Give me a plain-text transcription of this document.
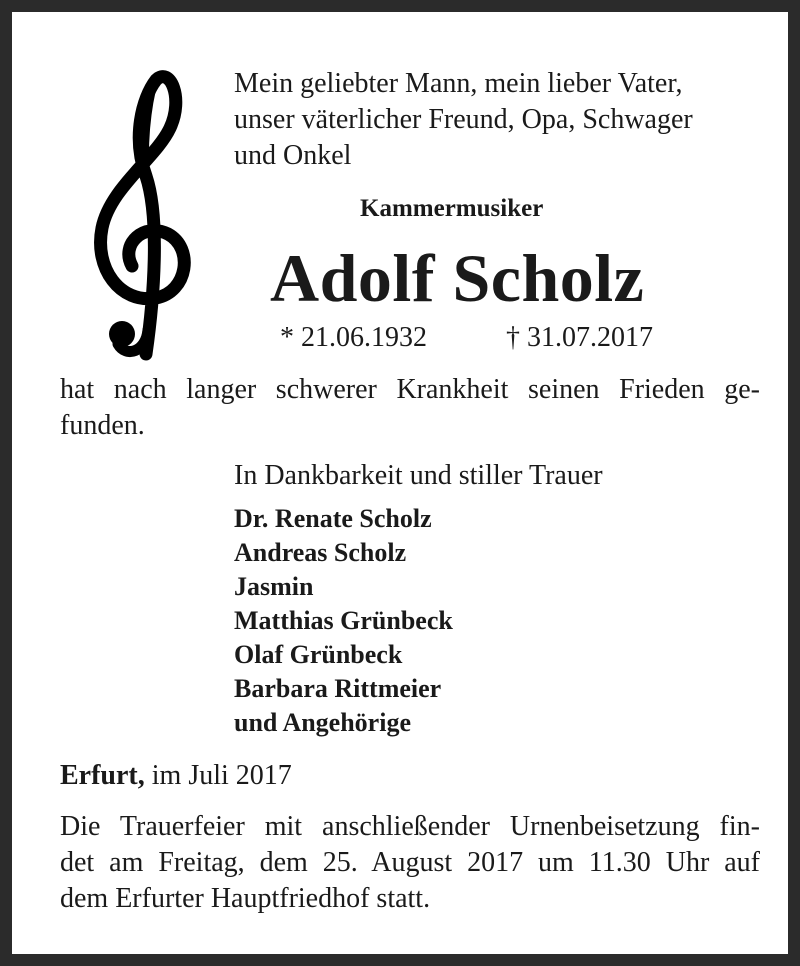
Mein geliebter Mann, mein lieber Vater,
unser väterlicher Freund, Opa, Schwager
und Onkel

Kammermusiker

Adolf Scholz

* 21.06.1932	† 31.07.2017

hat nach langer schwerer Krankheit seinen Frieden ge-
funden.

In Dankbarkeit und stiller Trauer

Dr. Renate Scholz
Andreas Scholz
Jasmin
Matthias Grünbeck
Olaf Grünbeck
Barbara Rittmeier
und Angehörige

Erfurt, im Juli 2017

Die Trauerfeier mit anschließender Urnenbeisetzung fin-
det am Freitag, dem 25. August 2017 um 11.30 Uhr auf
dem Erfurter Hauptfriedhof statt.
